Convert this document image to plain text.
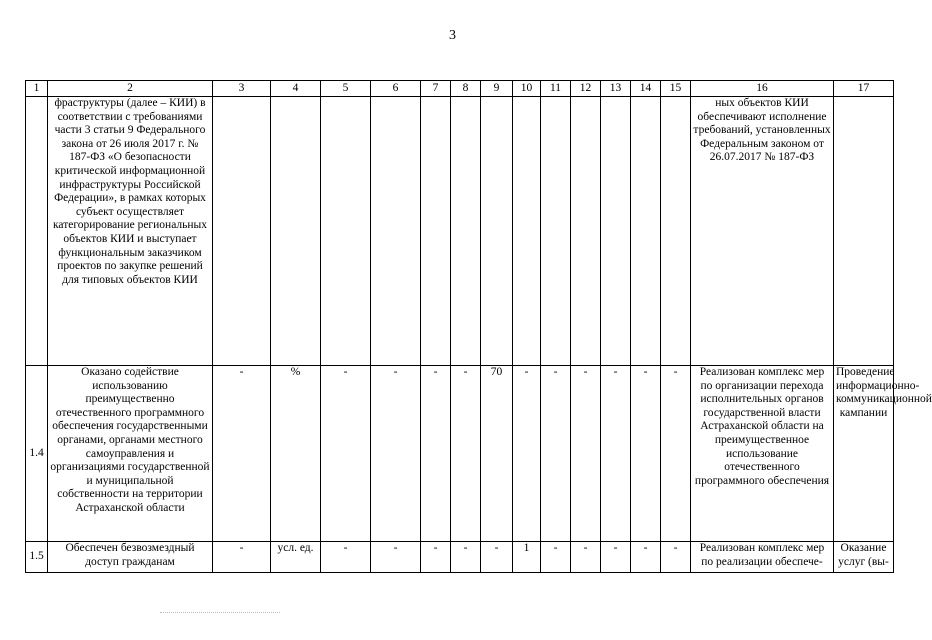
3
1	2	3	4	5	6	7	8	9	10	11	12	13	14	15	16	17
	фраструктуры (далее – КИИ) в соответствии с требованиями части 3 статьи 9 Федерального закона от 26 июля 2017 г. № 187-ФЗ «О безопасности критической информационной инфраструктуры Российской Федерации», в рамках которых субъект осуществляет категорирование региональных объектов КИИ и выступает функциональным заказчиком проектов по закупке решений для типовых объектов КИИ														ных объектов КИИ обеспечивают исполнение требований, установленных Федеральным законом от 26.07.2017 № 187-ФЗ	
1.4	Оказано содействие использованию преимущественно отечественного программного обеспечения государственными органами, органами местного самоуправления и организациями государственной и муниципальной собственности на территории Астраханской области	-	%	-	-	-	-	70	-	-	-	-	-	-	Реализован комплекс мер по организации перехода исполнительных органов государственной власти Астраханской области на преимущественное использование отечественного программного обеспечения	Проведение информационно-коммуникационной кампании
1.5	Обеспечен безвозмездный доступ гражданам	-	усл. ед.	-	-	-	-	-	1	-	-	-	-	-	Реализован комплекс мер по реализации обеспече-	Оказание услуг (вы-
